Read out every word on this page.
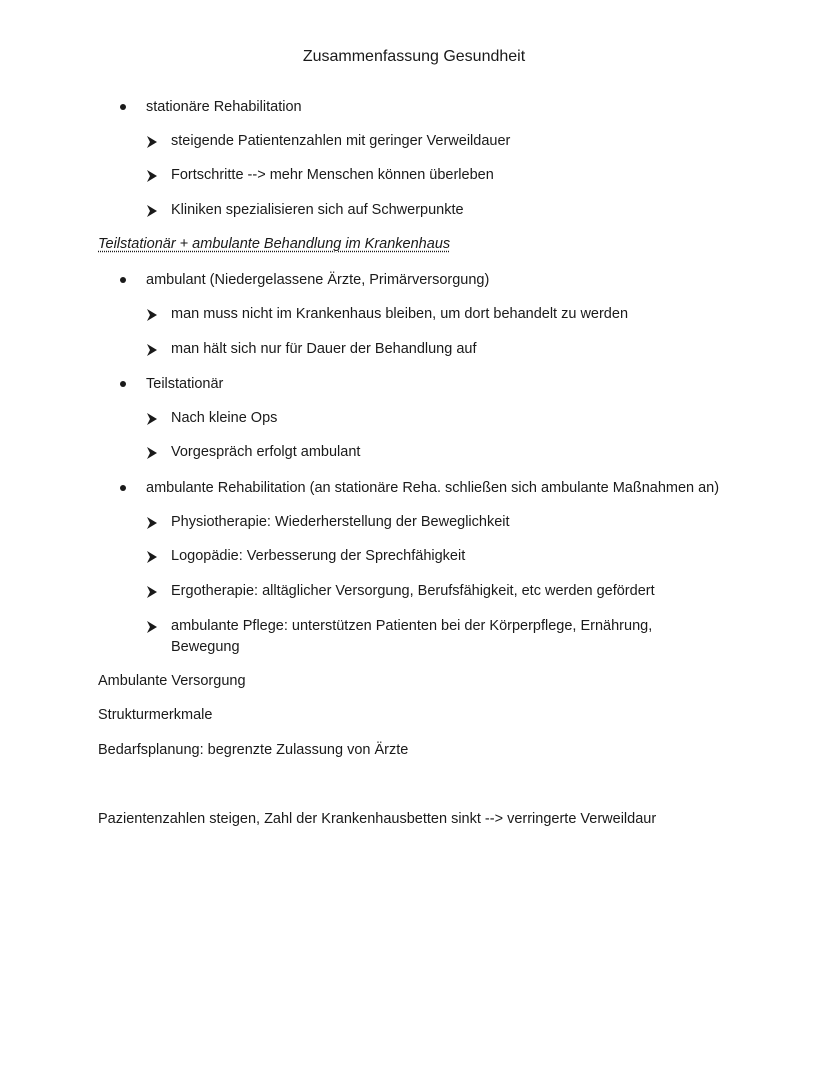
Zusammenfassung Gesundheit
stationäre Rehabilitation
steigende Patientenzahlen mit geringer Verweildauer
Fortschritte --> mehr Menschen können überleben
Kliniken spezialisieren sich auf Schwerpunkte
Teilstationär + ambulante Behandlung im Krankenhaus
ambulant (Niedergelassene Ärzte, Primärversorgung)
man muss nicht im Krankenhaus bleiben, um dort behandelt zu werden
man hält sich nur für Dauer der Behandlung auf
Teilstationär
Nach kleine Ops
Vorgespräch erfolgt ambulant
ambulante Rehabilitation (an stationäre Reha. schließen sich ambulante Maßnahmen an)
Physiotherapie: Wiederherstellung der Beweglichkeit
Logopädie: Verbesserung der Sprechfähigkeit
Ergotherapie: alltäglicher Versorgung, Berufsfähigkeit, etc werden gefördert
ambulante Pflege: unterstützen Patienten bei der Körperpflege, Ernährung,
Bewegung
Ambulante Versorgung
Strukturmerkmale
Bedarfsplanung: begrenzte Zulassung von Ärzte
Pazientenzahlen steigen, Zahl der Krankenhausbetten sinkt --> verringerte Verweildaur
